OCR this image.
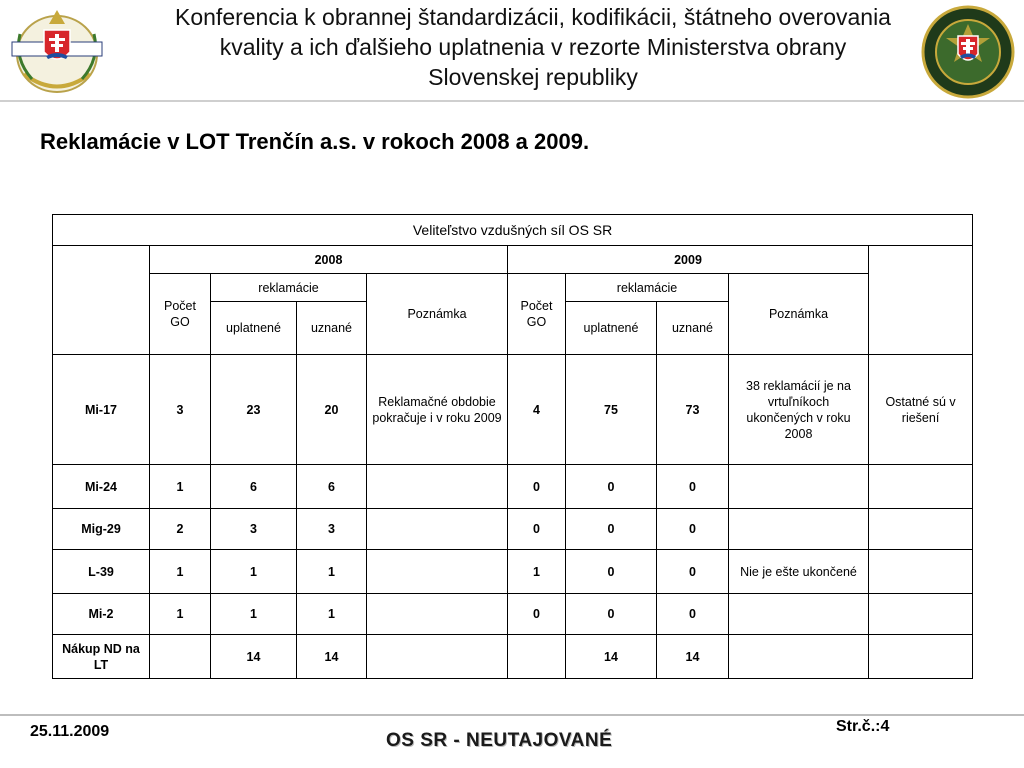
Konferencia k obrannej štandardizácii, kodifikácii, štátneho overovania
kvality a ich ďalšieho uplatnenia v rezorte Ministerstva obrany
Slovenskej republiky
Reklamácie v LOT Trenčín a.s. v rokoch 2008 a 2009.
Veliteľstvo vzdušných síl OS SR									
	2008				2009				
	Počet GO	reklamácie		Poznámka	Počet GO	reklamácie		Poznámka	
		uplatnené	uznané			uplatnené	uznané		
Mi-17	3	23	20	Reklamačné obdobie pokračuje i v roku 2009	4	75	73	38 reklamácií je na vrtuľníkoch ukončených v roku 2008	Ostatné sú v riešení
Mi-24	1	6	6		0	0	0		
Mig-29	2	3	3		0	0	0		
L-39	1	1	1		1	0	0	Nie je ešte ukončené	
Mi-2	1	1	1		0	0	0		
Nákup ND na LT		14	14			14	14		
25.11.2009	Str.č.:4
OS SR - NEUTAJOVANÉ
